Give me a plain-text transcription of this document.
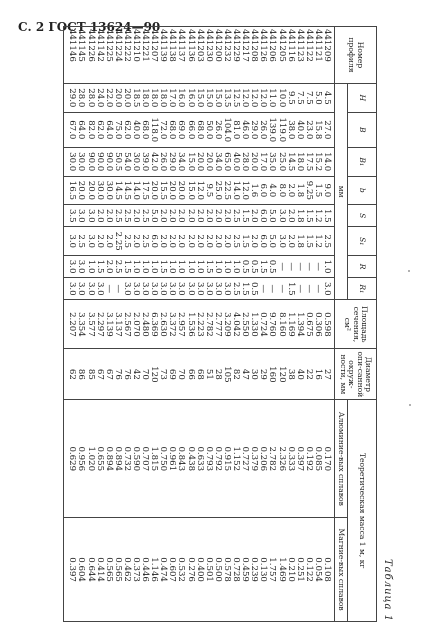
С. 2 ГОСТ 13624—90
Таблица 1
Номер профиля	H	B	B₁	b	S	S₁	R	R₁	Площадь сечения, см²	Диаметр опи-санной окруж-ности, мм	Теоретическая масса 1 м, кг	
	мм										Алюминие-вых сплавов	Магние-вых сплавов
441209	4.5	27.0	14.0	9.0	1.5	2.5	1.0	3.0	0.598	27	0.170	0.108
441121	5.0	15.8	15.2	1.5	1.2	1.2	—	—	0.306	16	0.085	0.054
441122	7.5	23.0	17.5	9.25	1.5	1.5	—	—	0.675	22	0.192	0.122
441123	7.5	40.0	18.0	1.8	1.8	1.8	—	—	1.394	40	0.397	0.251
441116	9.5	38.0	14.5	2.0	2.0	2.0	—	1.5	1.169	38	0.333	0.210
441205	10.0	119.0	25.0	8.0	3.0	3.0	—	—	8.160	120	2.326	1.469
441206	11.0	139.0	35.0	4.0	5.0	5.0	0.5	—	9.760	160	2.782	1.757
441126	12.0	26.0	17.0	6.0	6.0	6.0	1.5	—	0.724	29	0.206	0.130
441208	12.0	29.0	20.0	1.6	2.0	2.0	0.5	0.5	1.330	30	0.379	0.239
441217	12.0	46.0	28.0	12.0	1.5	1.5	0.5	1.5	2.550	47	0.727	0.459
441229	12.5	81.0	40.0	14.0	2.5	2.5	1.0	2.5	4.042	82	1.152	0.728
441232	13.5	104.0	65.0	22.5	2.0	2.0	1.0	3.0	3.209	105	0.915	0.578
441200	15.0	26.0	34.0	25.0	2.0	2.0	1.0	3.0	2.777	28	0.792	0.500
441230	15.0	50.0	20.0	9.5	2.0	2.0	1.5	3.0	2.782	51	0.793	0.501
441203	15.0	68.0	20.0	12.0	2.0	2.0	1.0	3.0	2.223	68	0.633	0.400
441136	16.0	66.0	15.0	15.0	2.0	2.0	1.0	3.0	1.536	66	0.438	0.276
441137	16.0	69.0	34.0	20.0	2.0	2.0	1.0	3.0	2.957	70	0.843	0.532
441138	17.0	68.0	29.0	20.0	2.0	2.0	1.0	3.0	3.372	69	0.961	0.607
441139	18.0	72.0	26.0	15.5	2.0	2.0	1.5	3.0	2.630	73	0.750	0.474
441207	18.0	118.0	42.0	20.0	5.0	6.0	1.0	3.0	6.369	120	1.815	1.146
441221	18.0	68.0	39.0	17.5	2.5	2.5	1.0	3.0	2.480	70	0.707	0.446
441210	18.5	40.0	30.0	14.0	2.0	2.0	1.0	3.0	2.070	42	0.590	0.373
441222	20.0	62.0	54.0	14.5	2.5	2.5	1.5	3.0	2.567	76	0.732	0.462
441224	20.0	75.0	50.5	14.5	2.5	2.25	2.5	—	3.137	76	0.894	0.565
441225	22.0	64.0	90.0	30.0	2.0	2.0	2.0	—	3.139	67	0.894	0.565
441142	24.0	62.0	90.0	30.0	2.0	2.0	1.5	3.0	2.297	67	0.655	0.414
441226	28.0	82.0	90.0	20.0	3.0	3.0	1.0	3.0	3.577	85	1.020	0.644
441145	28.0	64.0	30.0	20.0	3.0	2.5	3.0	3.0	3.354	86	0.956	0.604
441146	29.0	67.0	30.0	16.5	3.5	3.0	3.0	3.0	2.207	62	0.629	0.397
